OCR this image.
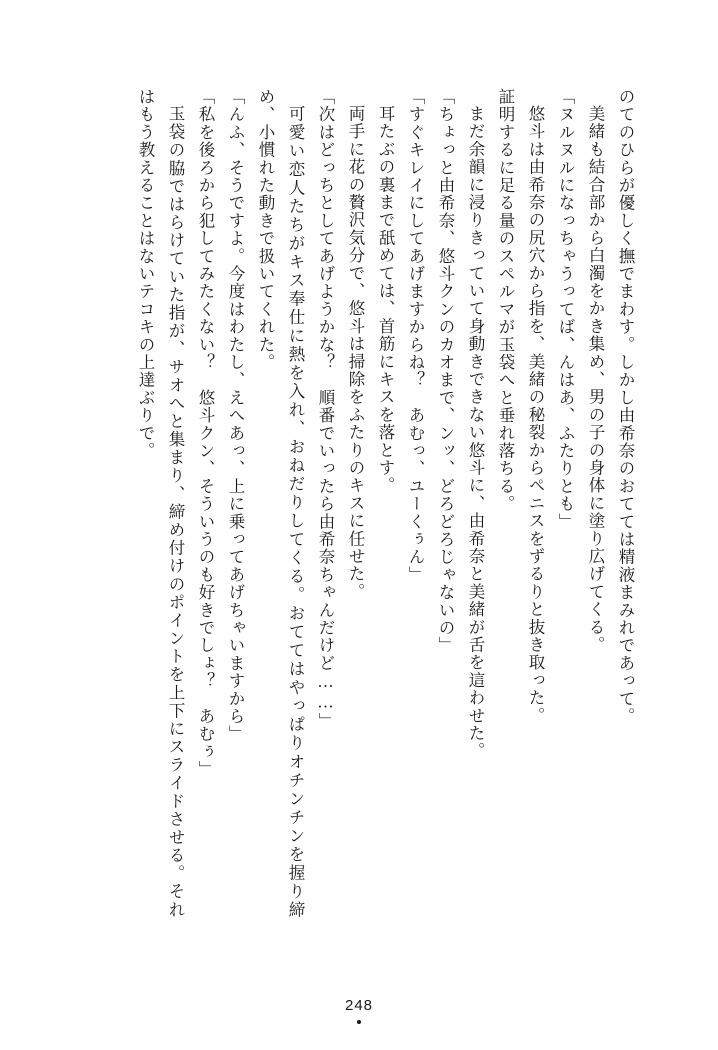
のてのひらが優しく撫でまわす。しかし由希奈のおてては精液まみれであって。

美緒も結合部から白濁をかき集め、男の子の身体に塗り広げてくる。

「ヌルヌルになっちゃうってば、んはあ、ふたりとも」

悠斗は由希奈の尻穴から指を、美緒の秘裂からペニスをずるりと抜き取った。

証明するに足る量のスペルマが玉袋へと垂れ落ちる。

まだ余韻に浸りきっていて身動きできない悠斗に、由希奈と美緒が舌を這わせた。

「ちょっと由希奈、悠斗クンのカオまで、ンッ、どろどろじゃないの」

「すぐキレイにしてあげますからね？　あむっ、ユーくぅん」

耳たぶの裏まで舐めては、首筋にキスを落とす。

両手に花の贅沢気分で、悠斗は掃除をふたりのキスに任せた。

「次はどっちとしてあげようかな？　順番でいったら由希奈ちゃんだけど……」

可愛い恋人たちがキス奉仕に熱を入れ、おねだりしてくる。おててはやっぱりオチンチンを握り締め、小慣れた動きで扱いてくれた。

「んふ、そうですよ。今度はわたし、えへあっ、上に乗ってあげちゃいますから」

「私を後ろから犯してみたくない？　悠斗クン、そういうのも好きでしょ？　あむぅ」

玉袋の脇ではらけていた指が、サオへと集まり、締め付けのポイントを上下にスライドさせる。それはもう教えることはないテコキの上達ぶりで。

248
